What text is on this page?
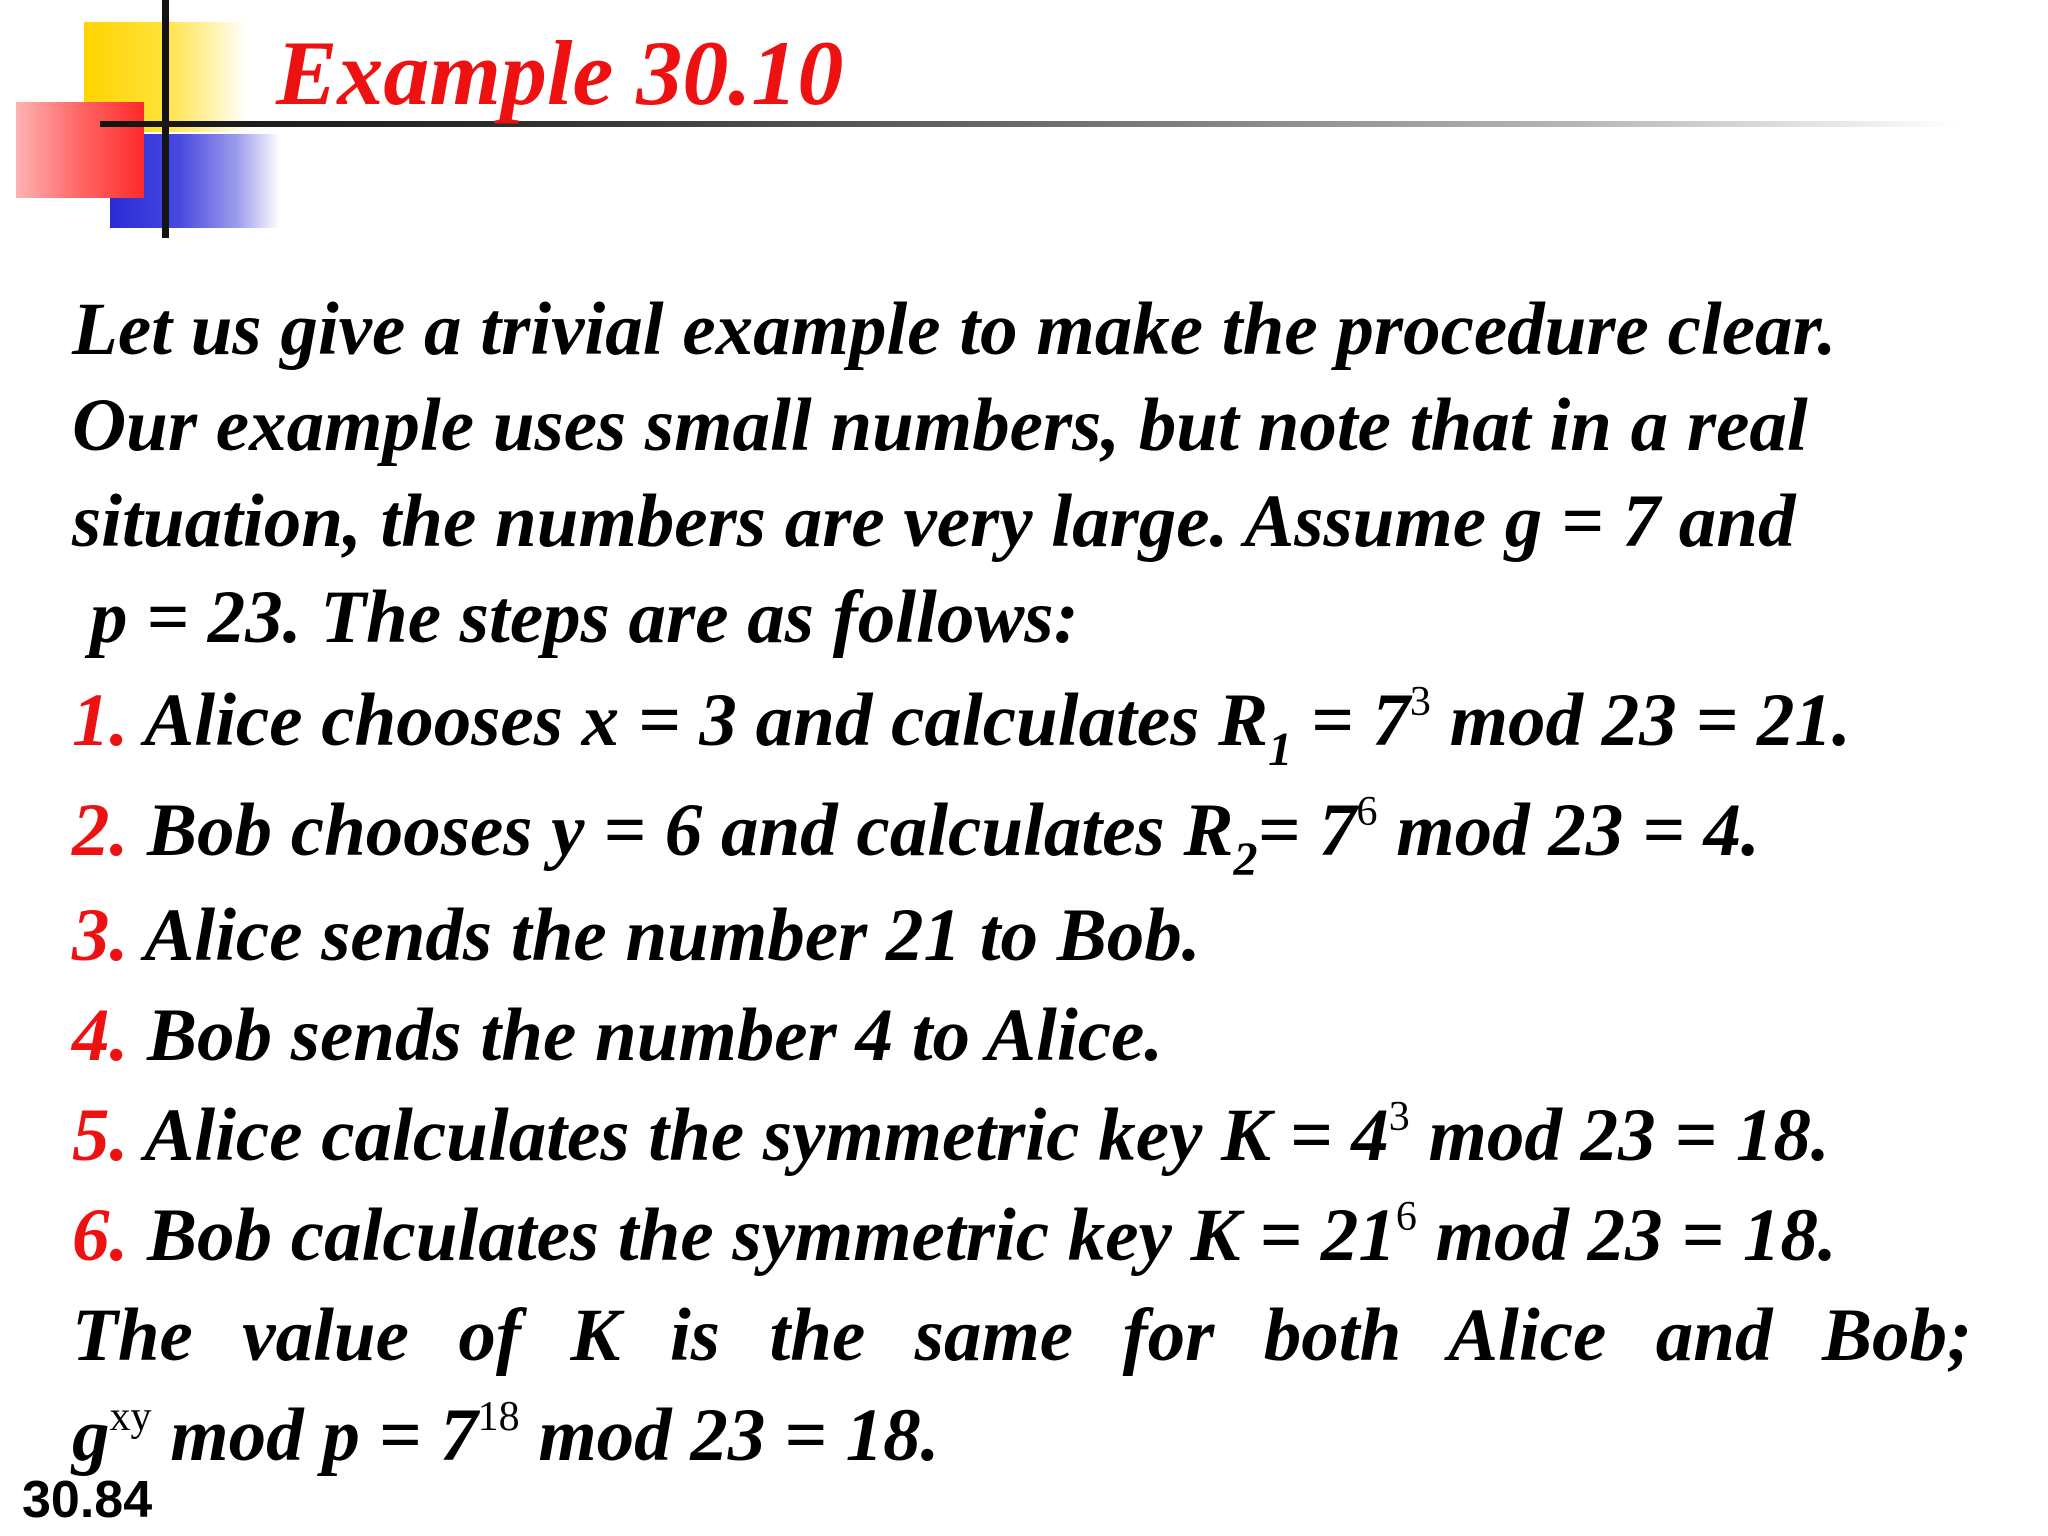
Example 30.10
Let us give a trivial example to make the procedure clear.
Our example uses small numbers, but note that in a real
situation, the numbers are very large. Assume g = 7 and
p = 23. The steps are as follows:
1. Alice chooses x = 3 and calculates $R_1 = 7^3$ mod 23 = 21.
2. Bob chooses y = 6 and calculates $R_2= 7^6$ mod 23 = 4.
3. Alice sends the number 21 to Bob.
4. Bob sends the number 4 to Alice.
5. Alice calculates the symmetric key $K = 4^3$ mod 23 = 18.
6. Bob calculates the symmetric key $K = 21^6$ mod 23 = 18.
The value of K is the same for both Alice and Bob;
$g^{xy}$ mod $p = 7^{18}$ mod 23 = 18.
30.84
